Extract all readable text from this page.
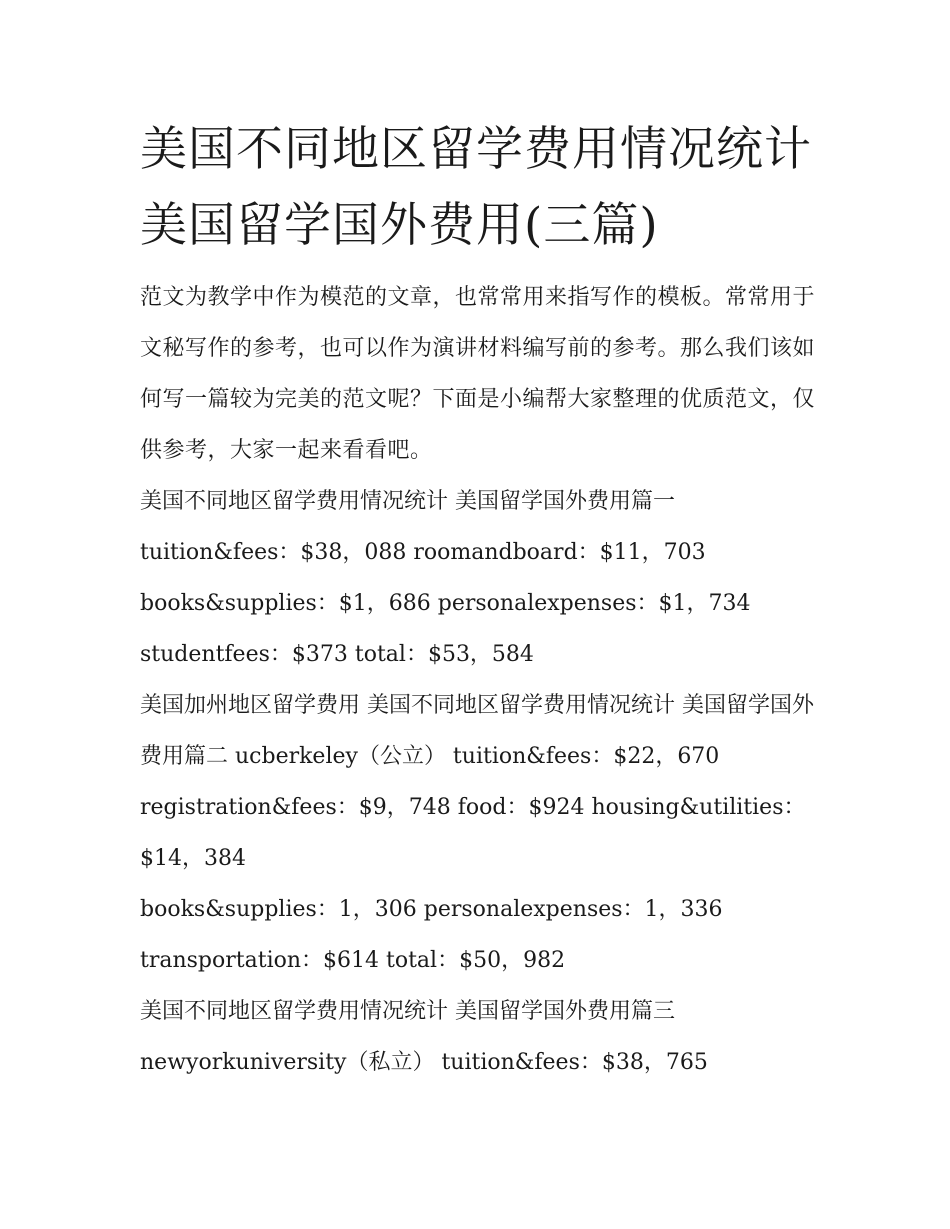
美国不同地区留学费用情况统计 美国留学国外费用(三篇)

范文为教学中作为模范的文章，也常常用来指写作的模板。常常用于文秘写作的参考，也可以作为演讲材料编写前的参考。那么我们该如何写一篇较为完美的范文呢？下面是小编帮大家整理的优质范文，仅供参考，大家一起来看看吧。

美国不同地区留学费用情况统计 美国留学国外费用篇一

tuition&fees：$38，088 roomandboard：$11，703

books&supplies：$1，686 personalexpenses：$1，734

studentfees：$373 total：$53，584

美国加州地区留学费用 美国不同地区留学费用情况统计 美国留学国外费用篇二 ucberkeley（公立） tuition&fees：$22，670 registration&fees：$9，748 food：$924 housing&utilities：$14，384

books&supplies：1，306 personalexpenses：1，336

transportation：$614 total：$50，982

美国不同地区留学费用情况统计 美国留学国外费用篇三

newyorkuniversity（私立） tuition&fees：$38，765
